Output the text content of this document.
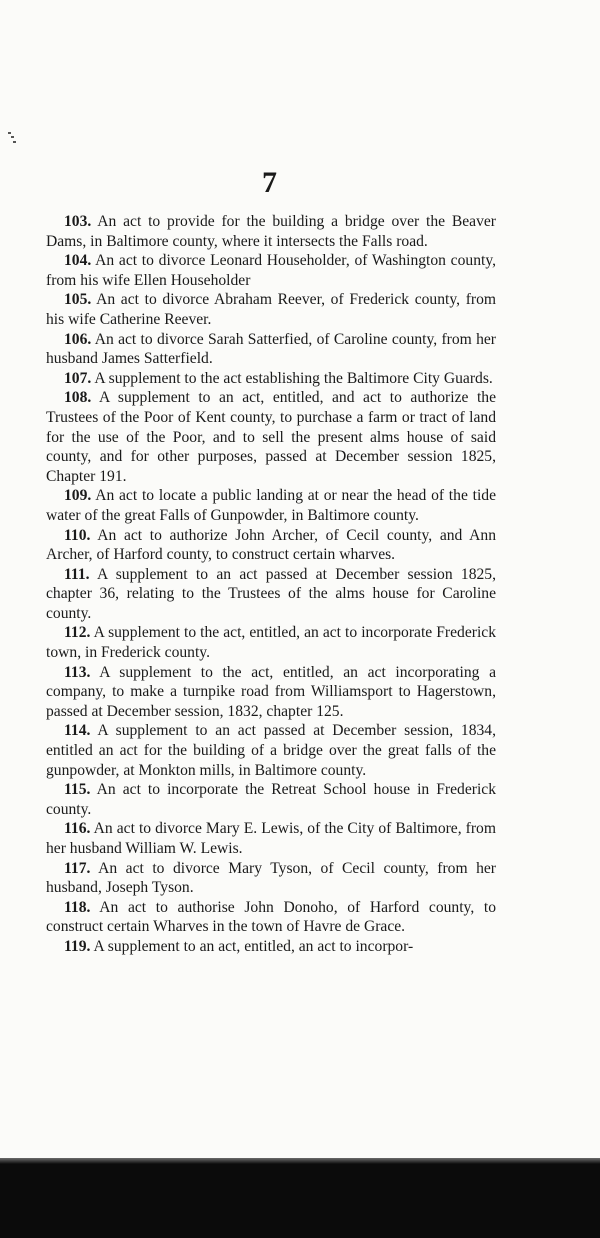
7

103. An act to provide for the building a bridge over the Beaver Dams, in Baltimore county, where it intersects the Falls road.

104. An act to divorce Leonard Householder, of Washington county, from his wife Ellen Householder

105. An act to divorce Abraham Reever, of Frederick county, from his wife Catherine Reever.

106. An act to divorce Sarah Satterfied, of Caroline county, from her husband James Satterfield.

107. A supplement to the act establishing the Baltimore City Guards.

108. A supplement to an act, entitled, and act to authorize the Trustees of the Poor of Kent county, to purchase a farm or tract of land for the use of the Poor, and to sell the present alms house of said county, and for other purposes, passed at December session 1825, Chapter 191.

109. An act to locate a public landing at or near the head of the tide water of the great Falls of Gunpowder, in Baltimore county.

110. An act to authorize John Archer, of Cecil county, and Ann Archer, of Harford county, to construct certain wharves.

111. A supplement to an act passed at December session 1825, chapter 36, relating to the Trustees of the alms house for Caroline county.

112. A supplement to the act, entitled, an act to incorporate Frederick town, in Frederick county.

113. A supplement to the act, entitled, an act incorporating a company, to make a turnpike road from Williamsport to Hagerstown, passed at December session, 1832, chapter 125.

114. A supplement to an act passed at December session, 1834, entitled an act for the building of a bridge over the great falls of the gunpowder, at Monkton mills, in Baltimore county.

115. An act to incorporate the Retreat School house in Frederick county.

116. An act to divorce Mary E. Lewis, of the City of Baltimore, from her husband William W. Lewis.

117. An act to divorce Mary Tyson, of Cecil county, from her husband, Joseph Tyson.

118. An act to authorise John Donoho, of Harford county, to construct certain Wharves in the town of Havre de Grace.

119. A supplement to an act, entitled, an act to incorpor-
